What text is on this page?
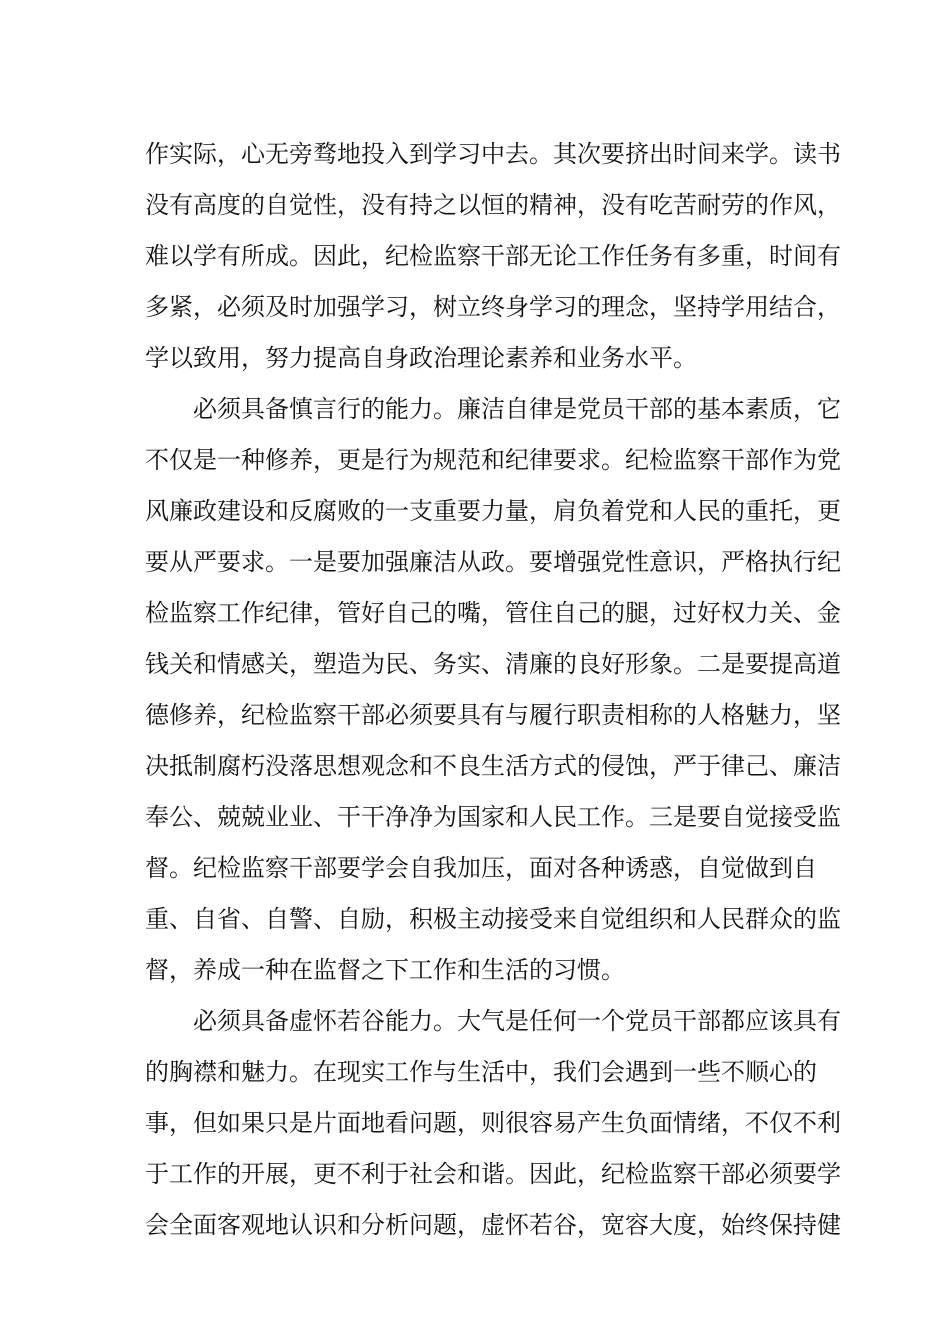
作实际，心无旁骛地投入到学习中去。其次要挤出时间来学。读书
没有高度的自觉性，没有持之以恒的精神，没有吃苦耐劳的作风，
难以学有所成。因此，纪检监察干部无论工作任务有多重，时间有
多紧，必须及时加强学习，树立终身学习的理念，坚持学用结合，
学以致用，努力提高自身政治理论素养和业务水平。
必须具备慎言行的能力。廉洁自律是党员干部的基本素质，它
不仅是一种修养，更是行为规范和纪律要求。纪检监察干部作为党
风廉政建设和反腐败的一支重要力量，肩负着党和人民的重托，更
要从严要求。一是要加强廉洁从政。要增强党性意识，严格执行纪
检监察工作纪律，管好自己的嘴，管住自己的腿，过好权力关、金
钱关和情感关，塑造为民、务实、清廉的良好形象。二是要提高道
德修养，纪检监察干部必须要具有与履行职责相称的人格魅力，坚
决抵制腐朽没落思想观念和不良生活方式的侵蚀，严于律己、廉洁
奉公、兢兢业业、干干净净为国家和人民工作。三是要自觉接受监
督。纪检监察干部要学会自我加压，面对各种诱惑，自觉做到自
重、自省、自警、自励，积极主动接受来自觉组织和人民群众的监
督，养成一种在监督之下工作和生活的习惯。
必须具备虚怀若谷能力。大气是任何一个党员干部都应该具有
的胸襟和魅力。在现实工作与生活中，我们会遇到一些不顺心的
事，但如果只是片面地看问题，则很容易产生负面情绪，不仅不利
于工作的开展，更不利于社会和谐。因此，纪检监察干部必须要学
会全面客观地认识和分析问题，虚怀若谷，宽容大度，始终保持健
